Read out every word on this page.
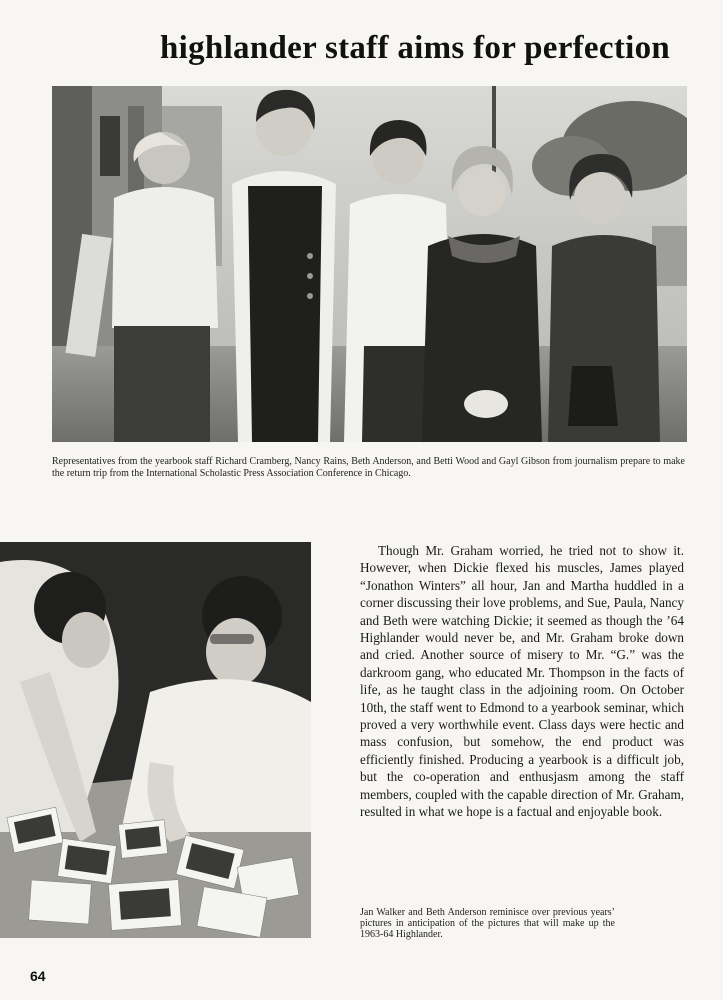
highlander staff aims for perfection
Representatives from the yearbook staff Richard Cramberg, Nancy Rains, Beth Anderson, and Betti Wood and Gayl Gibson from journalism prepare to make the return trip from the International Scholastic Press Association Conference in Chicago.
Though Mr. Graham worried, he tried not to show it. However, when Dickie flexed his muscles, James played “Jonathon Winters” all hour, Jan and Martha huddled in a corner discussing their love problems, and Sue, Paula, Nancy and Beth were watching Dickie; it seemed as though the ’64 Highlander would never be, and Mr. Graham broke down and cried. Another source of misery to Mr. “G.” was the darkroom gang, who educated Mr. Thompson in the facts of life, as he taught class in the adjoining room. On October 10th, the staff went to Edmond to a yearbook seminar, which proved a very worthwhile event. Class days were hectic and mass confusion, but somehow, the end product was efficiently finished. Producing a yearbook is a difficult job, but the co-operation and enthusjasm among the staff members, coupled with the capable direction of Mr. Graham, resulted in what we hope is a factual and enjoyable book.
Jan Walker and Beth Anderson reminisce over previous years’ pictures in anticipation of the pictures that will make up the 1963-64 Highlander.
64
